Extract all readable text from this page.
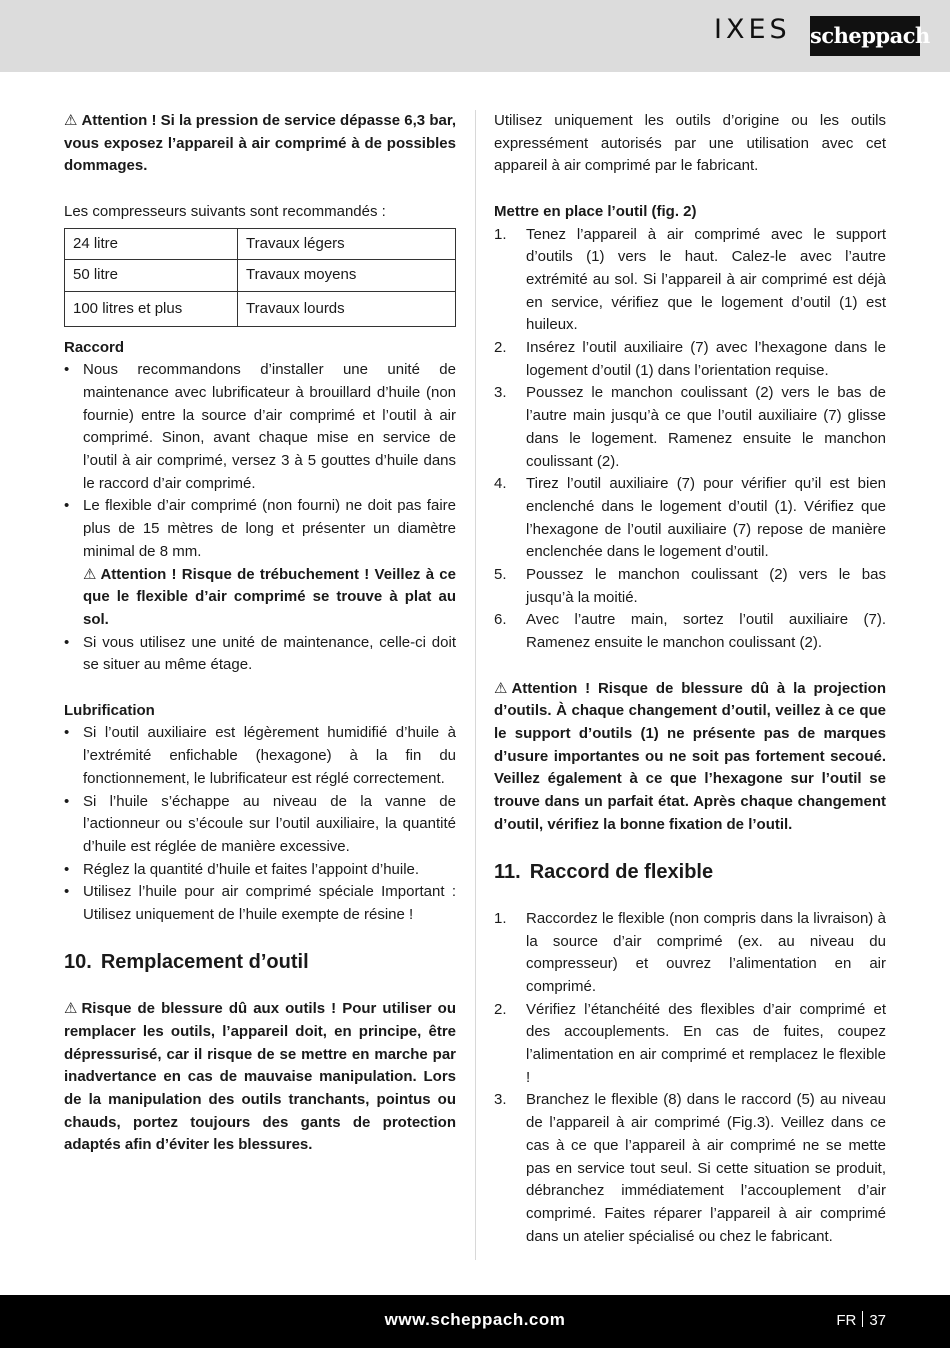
IXES scheppach

⚠ Attention ! Si la pression de service dépasse 6,3 bar, vous exposez l’appareil à air comprimé à de possibles dommages.

Les compresseurs suivants sont recommandés :

24 litre	Travaux légers
50 litre	Travaux moyens
100 litres et plus	Travaux lourds

Raccord

• Nous recommandons d’installer une unité de maintenance avec lubrificateur à brouillard d’huile (non fournie) entre la source d’air comprimé et l’outil à air comprimé. Sinon, avant chaque mise en service de l’outil à air comprimé, versez 3 à 5 gouttes d’huile dans le raccord d’air comprimé.
• Le flexible d’air comprimé (non fourni) ne doit pas faire plus de 15 mètres de long et présenter un diamètre minimal de 8 mm.

⚠ Attention ! Risque de trébuchement ! Veillez à ce que le flexible d’air comprimé se trouve à plat au sol.

• Si vous utilisez une unité de maintenance, celle-ci doit se situer au même étage.

Lubrification

• Si l’outil auxiliaire est légèrement humidifié d’huile à l’extrémité enfichable (hexagone) à la fin du fonctionnement, le lubrificateur est réglé correctement.
• Si l’huile s’échappe au niveau de la vanne de l’actionneur ou s’écoule sur l’outil auxiliaire, la quantité d’huile est réglée de manière excessive.
• Réglez la quantité d’huile et faites l’appoint d’huile.
• Utilisez l’huile pour air comprimé spéciale Important : Utilisez uniquement de l’huile exempte de résine !
10. Remplacement d’outil

⚠ Risque de blessure dû aux outils ! Pour utiliser ou remplacer les outils, l’appareil doit, en principe, être dépressurisé, car il risque de se mettre en marche par inadvertance en cas de mauvaise manipulation. Lors de la manipulation des outils tranchants, pointus ou chauds, portez toujours des gants de protection adaptés afin d’éviter les blessures.

Utilisez uniquement les outils d’origine ou les outils expressément autorisés par une utilisation avec cet appareil à air comprimé par le fabricant.

Mettre en place l’outil (fig. 2)

1. Tenez l’appareil à air comprimé avec le support d’outils (1) vers le haut. Calez-le avec l’autre extrémité au sol. Si l’appareil à air comprimé est déjà en service, vérifiez que le logement d’outil (1) est huileux.
2. Insérez l’outil auxiliaire (7) avec l’hexagone dans le logement d’outil (1) dans l’orientation requise.
3. Poussez le manchon coulissant (2) vers le bas de l’autre main jusqu’à ce que l’outil auxiliaire (7) glisse dans le logement. Ramenez ensuite le manchon coulissant (2).
4. Tirez l’outil auxiliaire (7) pour vérifier qu’il est bien enclenché dans le logement d’outil (1). Vérifiez que l’hexagone de l’outil auxiliaire (7) repose de manière enclenchée dans le logement d’outil.
5. Poussez le manchon coulissant (2) vers le bas jusqu’à la moitié.
6. Avec l’autre main, sortez l’outil auxiliaire (7). Ramenez ensuite le manchon coulissant (2).

⚠ Attention ! Risque de blessure dû à la projection d’outils. À chaque changement d’outil, veillez à ce que le support d’outils (1) ne présente pas de marques d’usure importantes ou ne soit pas fortement secoué. Veillez également à ce que l’hexagone sur l’outil se trouve dans un parfait état. Après chaque changement d’outil, vérifiez la bonne fixation de l’outil.

11. Raccord de flexible
1. Raccordez le flexible (non compris dans la livraison) à la source d’air comprimé (ex. au niveau du compresseur) et ouvrez l’alimentation en air comprimé.
2. Vérifiez l’étanchéité des flexibles d’air comprimé et des accouplements. En cas de fuites, coupez l’alimentation en air comprimé et remplacez le flexible !
3. Branchez le flexible (8) dans le raccord (5) au niveau de l’appareil à air comprimé (Fig.3). Veillez dans ce cas à ce que l’appareil à air comprimé ne se mette pas en service tout seul. Si cette situation se produit, débranchez immédiatement l’accouplement d’air comprimé. Faites réparer l’appareil à air comprimé dans un atelier spécialisé ou chez le fabricant.
www.scheppach.com	FR 37
